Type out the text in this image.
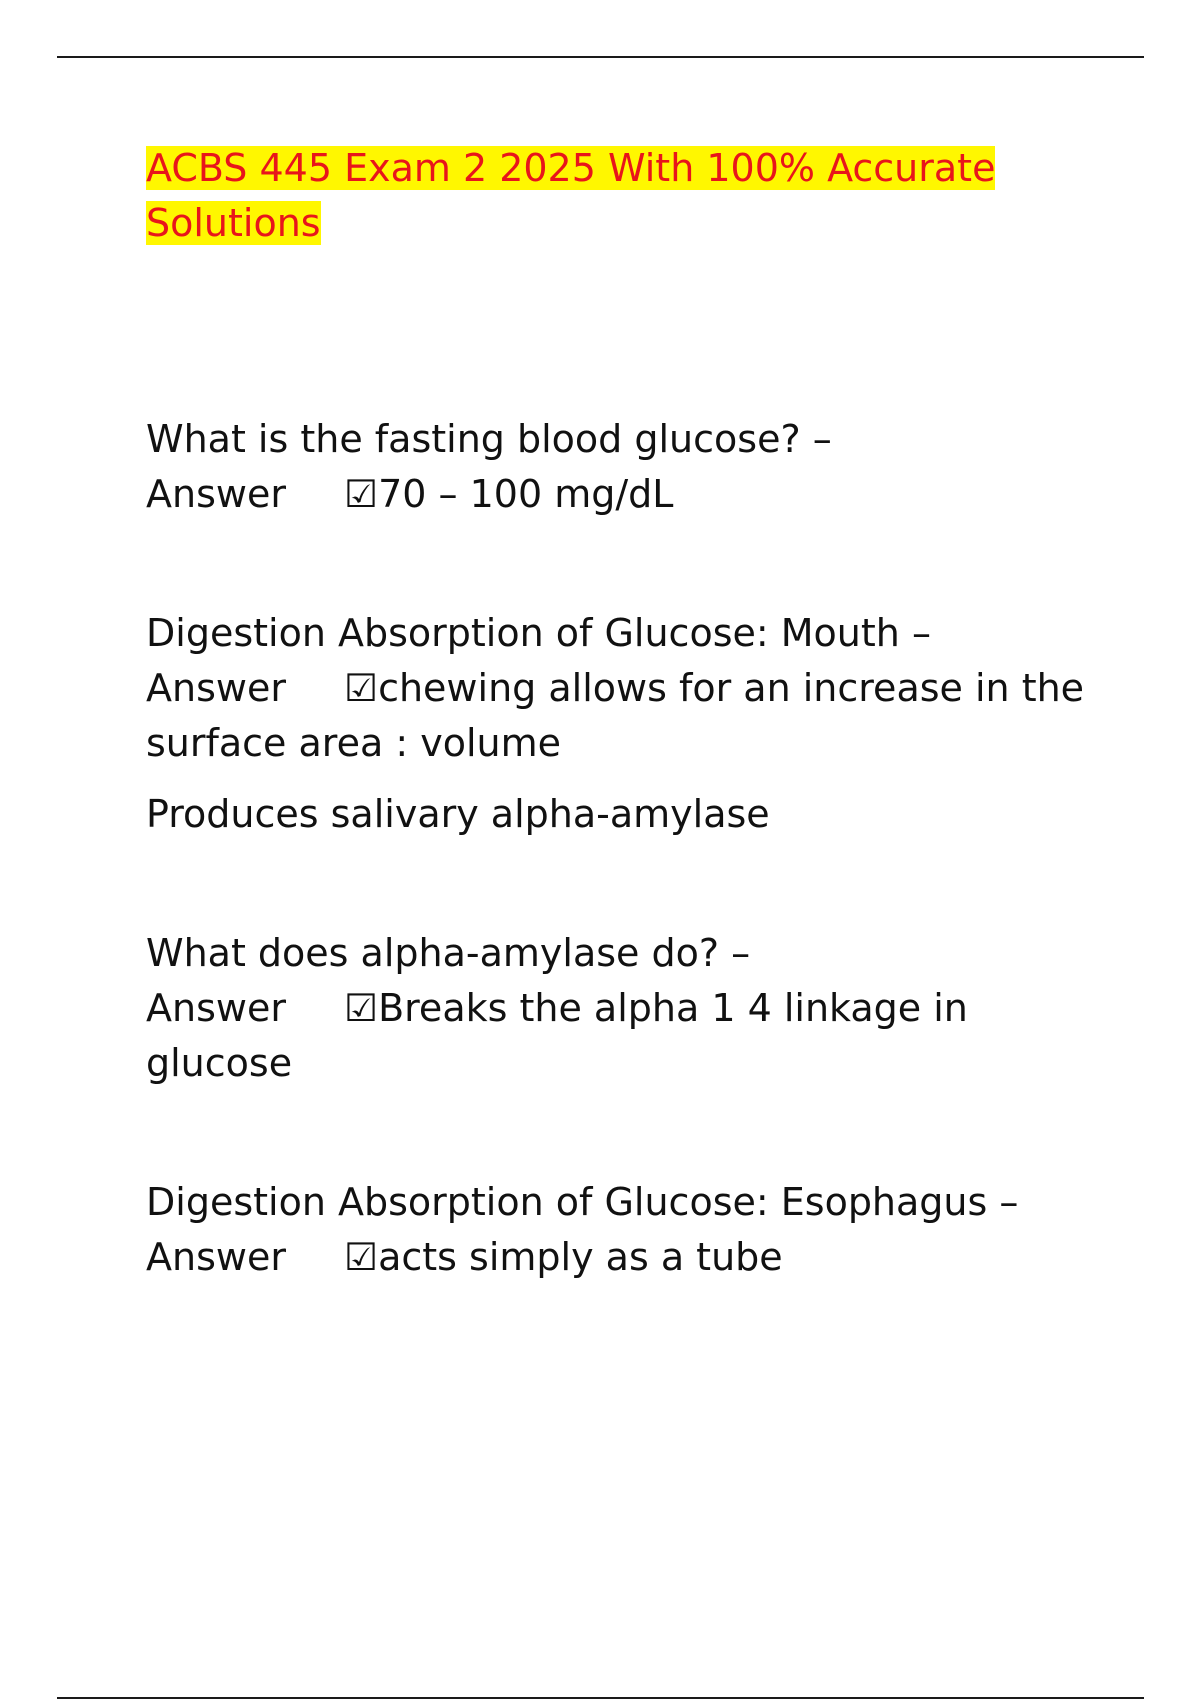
ACBS 445 Exam 2 2025 With 100% Accurate Solutions

What is the fasting blood glucose? –
Answer ☑70 – 100 mg/dL

Digestion Absorption of Glucose: Mouth –
Answer ☑chewing allows for an increase in the surface area : volume

Produces salivary alpha-amylase

What does alpha-amylase do? –
Answer ☑Breaks the alpha 1 4 linkage in glucose

Digestion Absorption of Glucose: Esophagus –
Answer ☑acts simply as a tube
